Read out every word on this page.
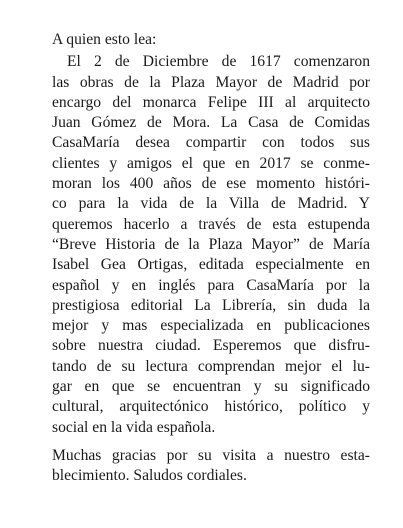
A quien esto lea:
El 2 de Diciembre de 1617 comenzaron
las obras de la Plaza Mayor de Madrid por
encargo del monarca Felipe III al arquitecto
Juan Gómez de Mora. La Casa de Comidas
CasaMaría desea compartir con todos sus
clientes y amigos el que en 2017 se conme-
moran los 400 años de ese momento históri-
co para la vida de la Villa de Madrid. Y
queremos hacerlo a través de esta estupenda
“Breve Historia de la Plaza Mayor” de María
Isabel Gea Ortigas, editada especialmente en
español y en inglés para CasaMaría por la
prestigiosa editorial La Librería, sin duda la
mejor y mas especializada en publicaciones
sobre nuestra ciudad. Esperemos que disfru-
tando de su lectura comprendan mejor el lu-
gar en que se encuentran y su significado
cultural, arquitectónico histórico, político y
social en la vida española.
Muchas gracias por su visita a nuestro esta-
blecimiento. Saludos cordiales.
